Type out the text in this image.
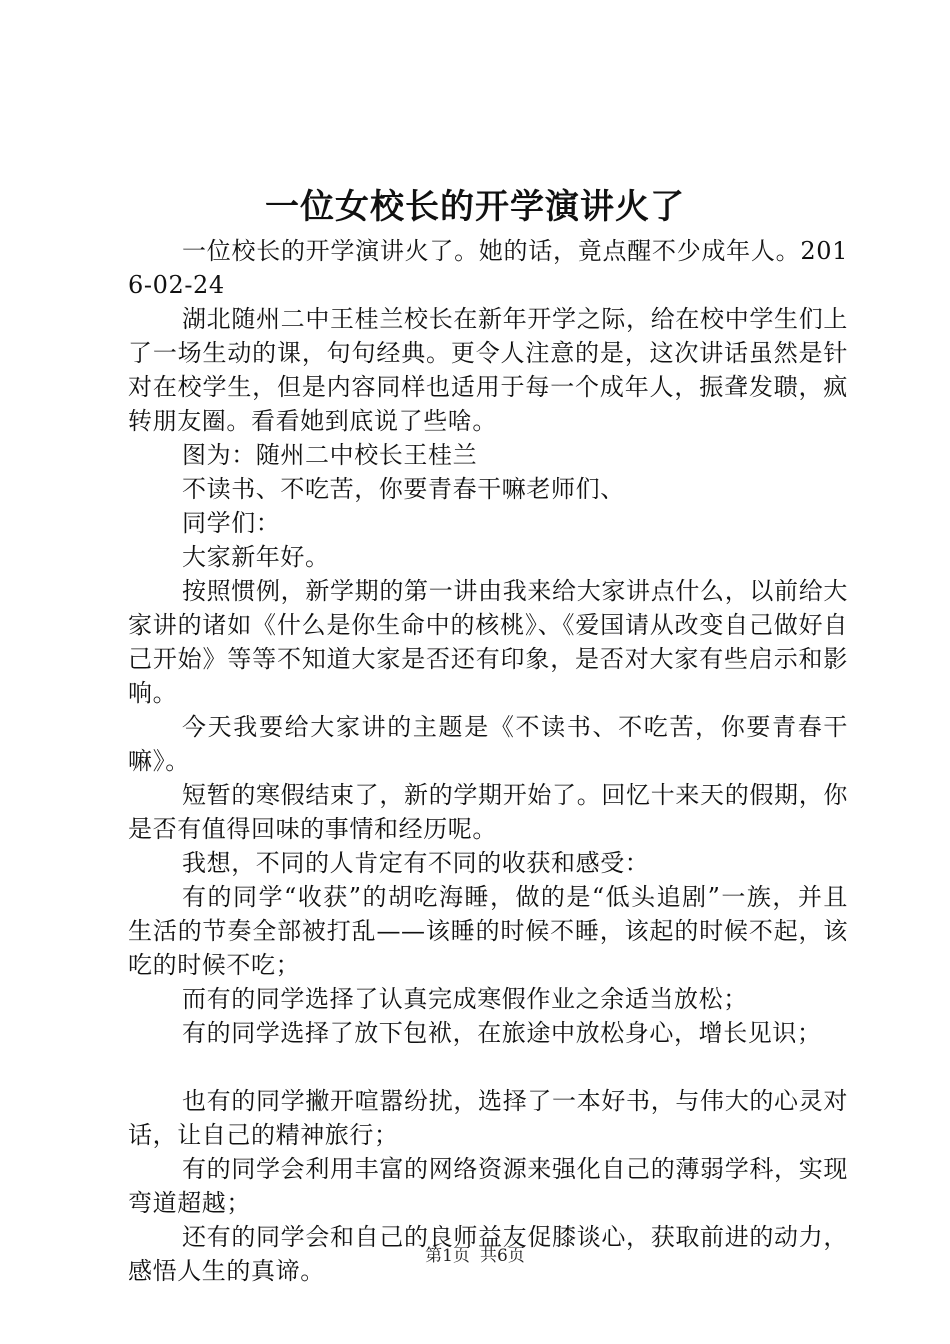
一位女校长的开学演讲火了

一位校长的开学演讲火了。她的话，竟点醒不少成年人。2016-02-24

湖北随州二中王桂兰校长在新年开学之际，给在校中学生们上了一场生动的课，句句经典。更令人注意的是，这次讲话虽然是针对在校学生，但是内容同样也适用于每一个成年人，振聋发聩，疯转朋友圈。看看她到底说了些啥。

图为：随州二中校长王桂兰

不读书、不吃苦，你要青春干嘛老师们、

同学们：

大家新年好。

按照惯例，新学期的第一讲由我来给大家讲点什么，以前给大家讲的诸如《什么是你生命中的核桃》、《爱国请从改变自己做好自己开始》等等不知道大家是否还有印象，是否对大家有些启示和影响。

今天我要给大家讲的主题是《不读书、不吃苦，你要青春干嘛》。

短暂的寒假结束了，新的学期开始了。回忆十来天的假期，你是否有值得回味的事情和经历呢。

我想，不同的人肯定有不同的收获和感受：

有的同学“收获”的胡吃海睡，做的是“低头追剧”一族，并且生活的节奏全部被打乱——该睡的时候不睡，该起的时候不起，该吃的时候不吃；

而有的同学选择了认真完成寒假作业之余适当放松；

有的同学选择了放下包袱，在旅途中放松身心，增长见识；

也有的同学撇开喧嚣纷扰，选择了一本好书，与伟大的心灵对话，让自己的精神旅行；

有的同学会利用丰富的网络资源来强化自己的薄弱学科，实现弯道超越；

还有的同学会和自己的良师益友促膝谈心，获取前进的动力，感悟人生的真谛。

第1页 共6页
